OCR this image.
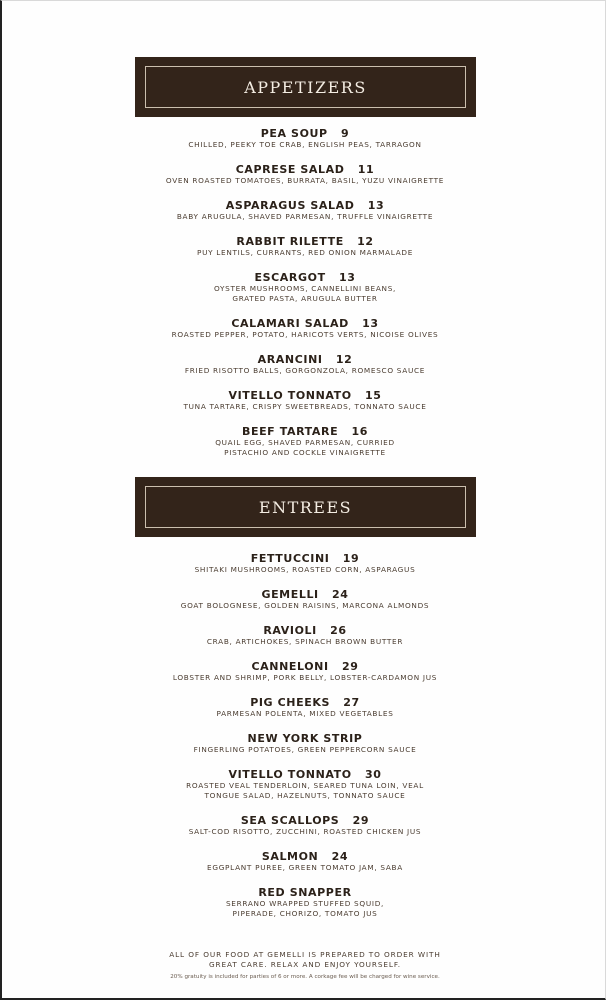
APPETIZERS
PEA SOUP   9
CHILLED, PEEKY TOE CRAB, ENGLISH PEAS, TARRAGON
CAPRESE SALAD   11
OVEN ROASTED TOMATOES, BURRATA, BASIL, YUZU VINAIGRETTE
ASPARAGUS SALAD   13
BABY ARUGULA, SHAVED PARMESAN, TRUFFLE VINAIGRETTE
RABBIT RILETTE   12
PUY LENTILS, CURRANTS, RED ONION MARMALADE
ESCARGOT   13
OYSTER MUSHROOMS, CANNELLINI BEANS,
GRATED PASTA, ARUGULA BUTTER
CALAMARI SALAD   13
ROASTED PEPPER, POTATO, HARICOTS VERTS, NICOISE OLIVES
ARANCINI   12
FRIED RISOTTO BALLS, GORGONZOLA, ROMESCO SAUCE
VITELLO TONNATO   15
TUNA TARTARE, CRISPY SWEETBREADS, TONNATO SAUCE
BEEF TARTARE   16
QUAIL EGG, SHAVED PARMESAN, CURRIED
PISTACHIO AND COCKLE VINAIGRETTE
ENTREES
FETTUCCINI   19
SHITAKI MUSHROOMS, ROASTED CORN, ASPARAGUS
GEMELLI   24
GOAT BOLOGNESE, GOLDEN RAISINS, MARCONA ALMONDS
RAVIOLI   26
CRAB, ARTICHOKES, SPINACH BROWN BUTTER
CANNELONI   29
LOBSTER AND SHRIMP, PORK BELLY, LOBSTER-CARDAMON JUS
PIG CHEEKS   27
PARMESAN POLENTA, MIXED VEGETABLES
NEW YORK STRIP
FINGERLING POTATOES, GREEN PEPPERCORN SAUCE
VITELLO TONNATO   30
ROASTED VEAL TENDERLOIN, SEARED TUNA LOIN, VEAL
TONGUE SALAD, HAZELNUTS, TONNATO SAUCE
SEA SCALLOPS   29
SALT-COD RISOTTO, ZUCCHINI, ROASTED CHICKEN JUS
SALMON   24
EGGPLANT PUREE, GREEN TOMATO JAM, SABA
RED SNAPPER
SERRANO WRAPPED STUFFED SQUID,
PIPERADE, CHORIZO, TOMATO JUS
ALL OF OUR FOOD AT GEMELLI IS PREPARED TO ORDER WITH
GREAT CARE. RELAX AND ENJOY YOURSELF.
20% gratuity is included for parties of 6 or more. A corkage fee will be charged for wine service.
